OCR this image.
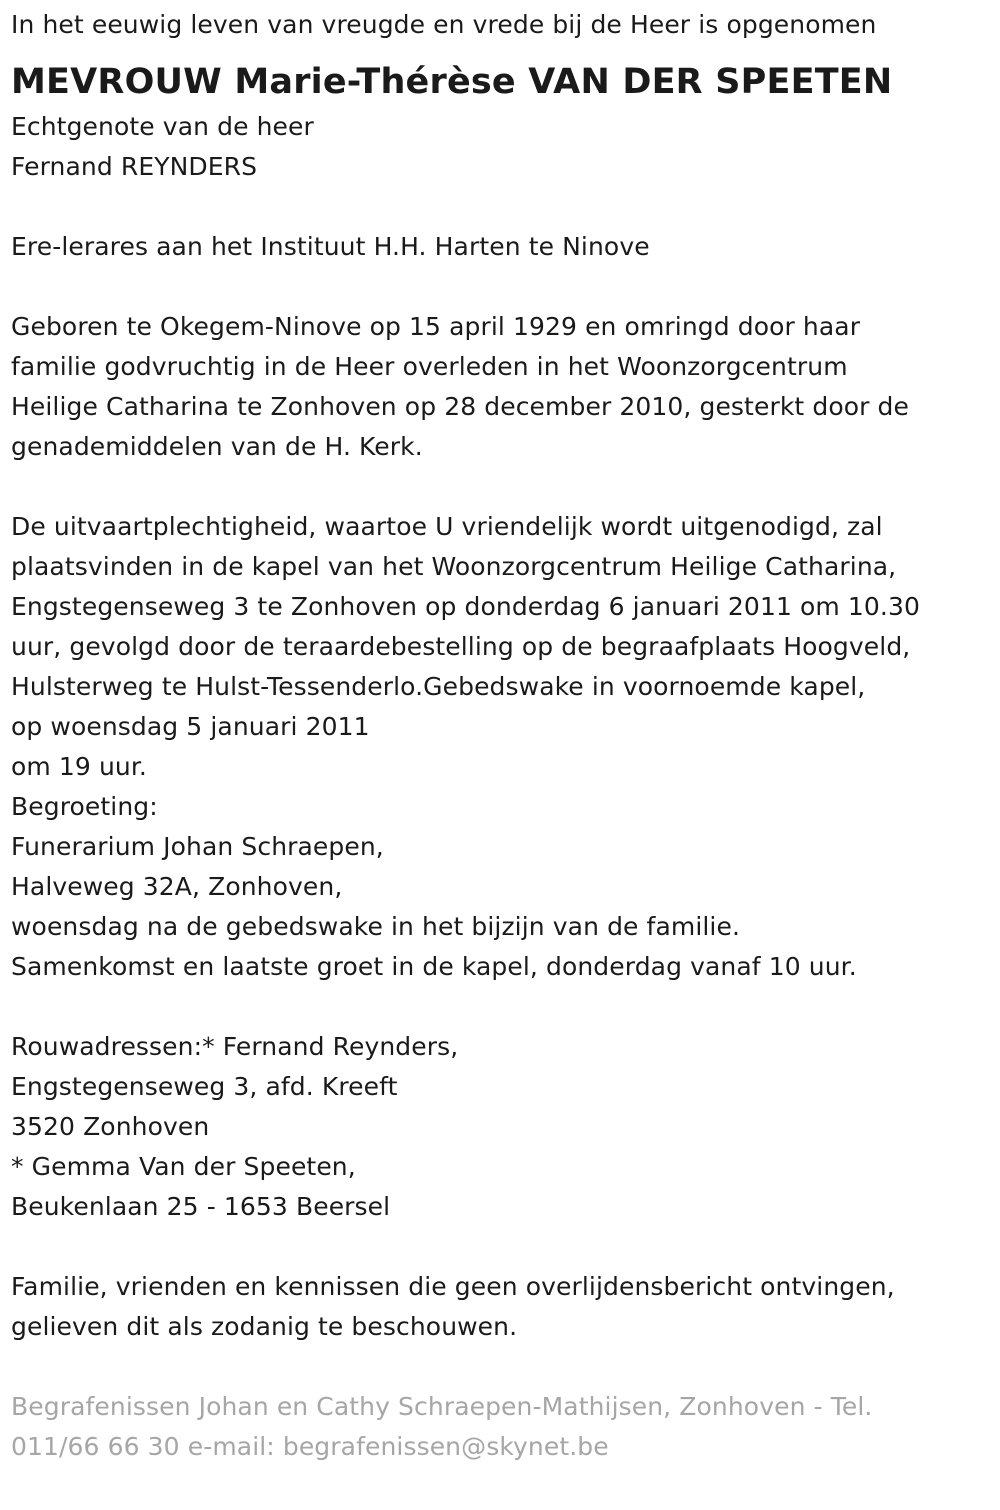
In het eeuwig leven van vreugde en vrede bij de Heer is opgenomen
MEVROUW Marie-Thérèse VAN DER SPEETEN
Echtgenote van de heer
Fernand REYNDERS
Ere-lerares aan het Instituut H.H. Harten te Ninove
Geboren te Okegem-Ninove op 15 april 1929 en omringd door haar
familie godvruchtig in de Heer overleden in het Woonzorgcentrum
Heilige Catharina te Zonhoven op 28 december 2010, gesterkt door de
genademiddelen van de H. Kerk.
De uitvaartplechtigheid, waartoe U vriendelijk wordt uitgenodigd, zal
plaatsvinden in de kapel van het Woonzorgcentrum Heilige Catharina,
Engstegenseweg 3 te Zonhoven op donderdag 6 januari 2011 om 10.30
uur, gevolgd door de teraardebestelling op de begraafplaats Hoogveld,
Hulsterweg te Hulst-Tessenderlo.Gebedswake in voornoemde kapel,
op woensdag 5 januari 2011
om 19 uur.
Begroeting:
Funerarium Johan Schraepen,
Halveweg 32A, Zonhoven,
woensdag na de gebedswake in het bijzijn van de familie.
Samenkomst en laatste groet in de kapel, donderdag vanaf 10 uur.
Rouwadressen:* Fernand Reynders,
Engstegenseweg 3, afd. Kreeft
3520 Zonhoven
* Gemma Van der Speeten,
Beukenlaan 25 - 1653 Beersel
Familie, vrienden en kennissen die geen overlijdensbericht ontvingen,
gelieven dit als zodanig te beschouwen.
Begrafenissen Johan en Cathy Schraepen-Mathijsen, Zonhoven - Tel.
011/66 66 30 e-mail: begrafenissen@skynet.be
